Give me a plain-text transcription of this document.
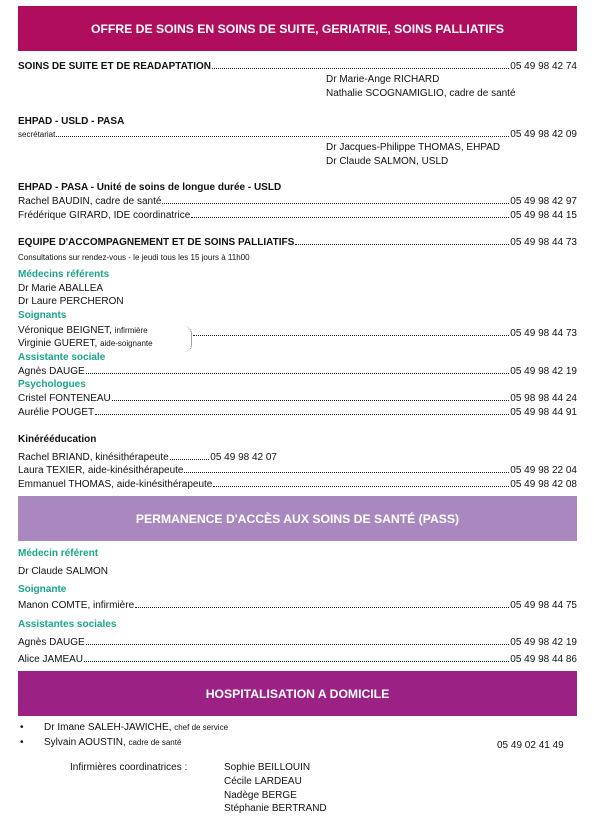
OFFRE DE SOINS EN SOINS DE SUITE, GERIATRIE, SOINS PALLIATIFS
SOINS DE SUITE ET DE READAPTATION	05 49 98 42 74
Dr Marie-Ange RICHARD
Nathalie SCOGNAMIGLIO, cadre de santé
EHPAD - USLD - PASA
secrétariat	05 49 98 42 09
Dr Jacques-Philippe THOMAS, EHPAD
Dr Claude SALMON, USLD
EHPAD - PASA - Unité de soins de longue durée - USLD
Rachel BAUDIN, cadre de santé	05 49 98 42 97
Frédérique GIRARD, IDE coordinatrice	05 49 98 44 15
EQUIPE D'ACCOMPAGNEMENT ET DE SOINS PALLIATIFS	05 49 98 44 73
Consultations sur rendez-vous - le jeudi tous les 15 jours à 11h00
Médecins référents
Dr Marie ABALLEA
Dr Laure PERCHERON
Soignants
Véronique BEIGNET, infirmière
Virginie GUERET, aide-soignante
05 49 98 44 73
Assistante sociale
Agnès DAUGE	05 49 98 42 19
Psychologues
Cristel FONTENEAU	05 98 98 44 24
Aurélie POUGET	05 49 98 44 91
Kinérééducation
Rachel BRIAND, kinésithérapeute	05 49 98 42 07
Laura TEXIER, aide-kinésithérapeute	05 49 98 22 04
Emmanuel THOMAS, aide-kinésithérapeute	05 49 98 42 08
PERMANENCE D'ACCÈS AUX SOINS DE SANTÉ (PASS)
Médecin référent
Dr Claude SALMON
Soignante
Manon COMTE, infirmière	05 49 98 44 75
Assistantes sociales
Agnès DAUGE	05 49 98 42 19
Alice JAMEAU	05 49 98 44 86
HOSPITALISATION A DOMICILE
• Dr Imane SALEH-JAWICHE, chef de service
• Sylvain AOUSTIN, cadre de santé	05 49 02 41 49
Infirmières coordinatrices :	Sophie BEILLOUIN
Cécile LARDEAU
Nadège BERGE
Stéphanie BERTRAND
